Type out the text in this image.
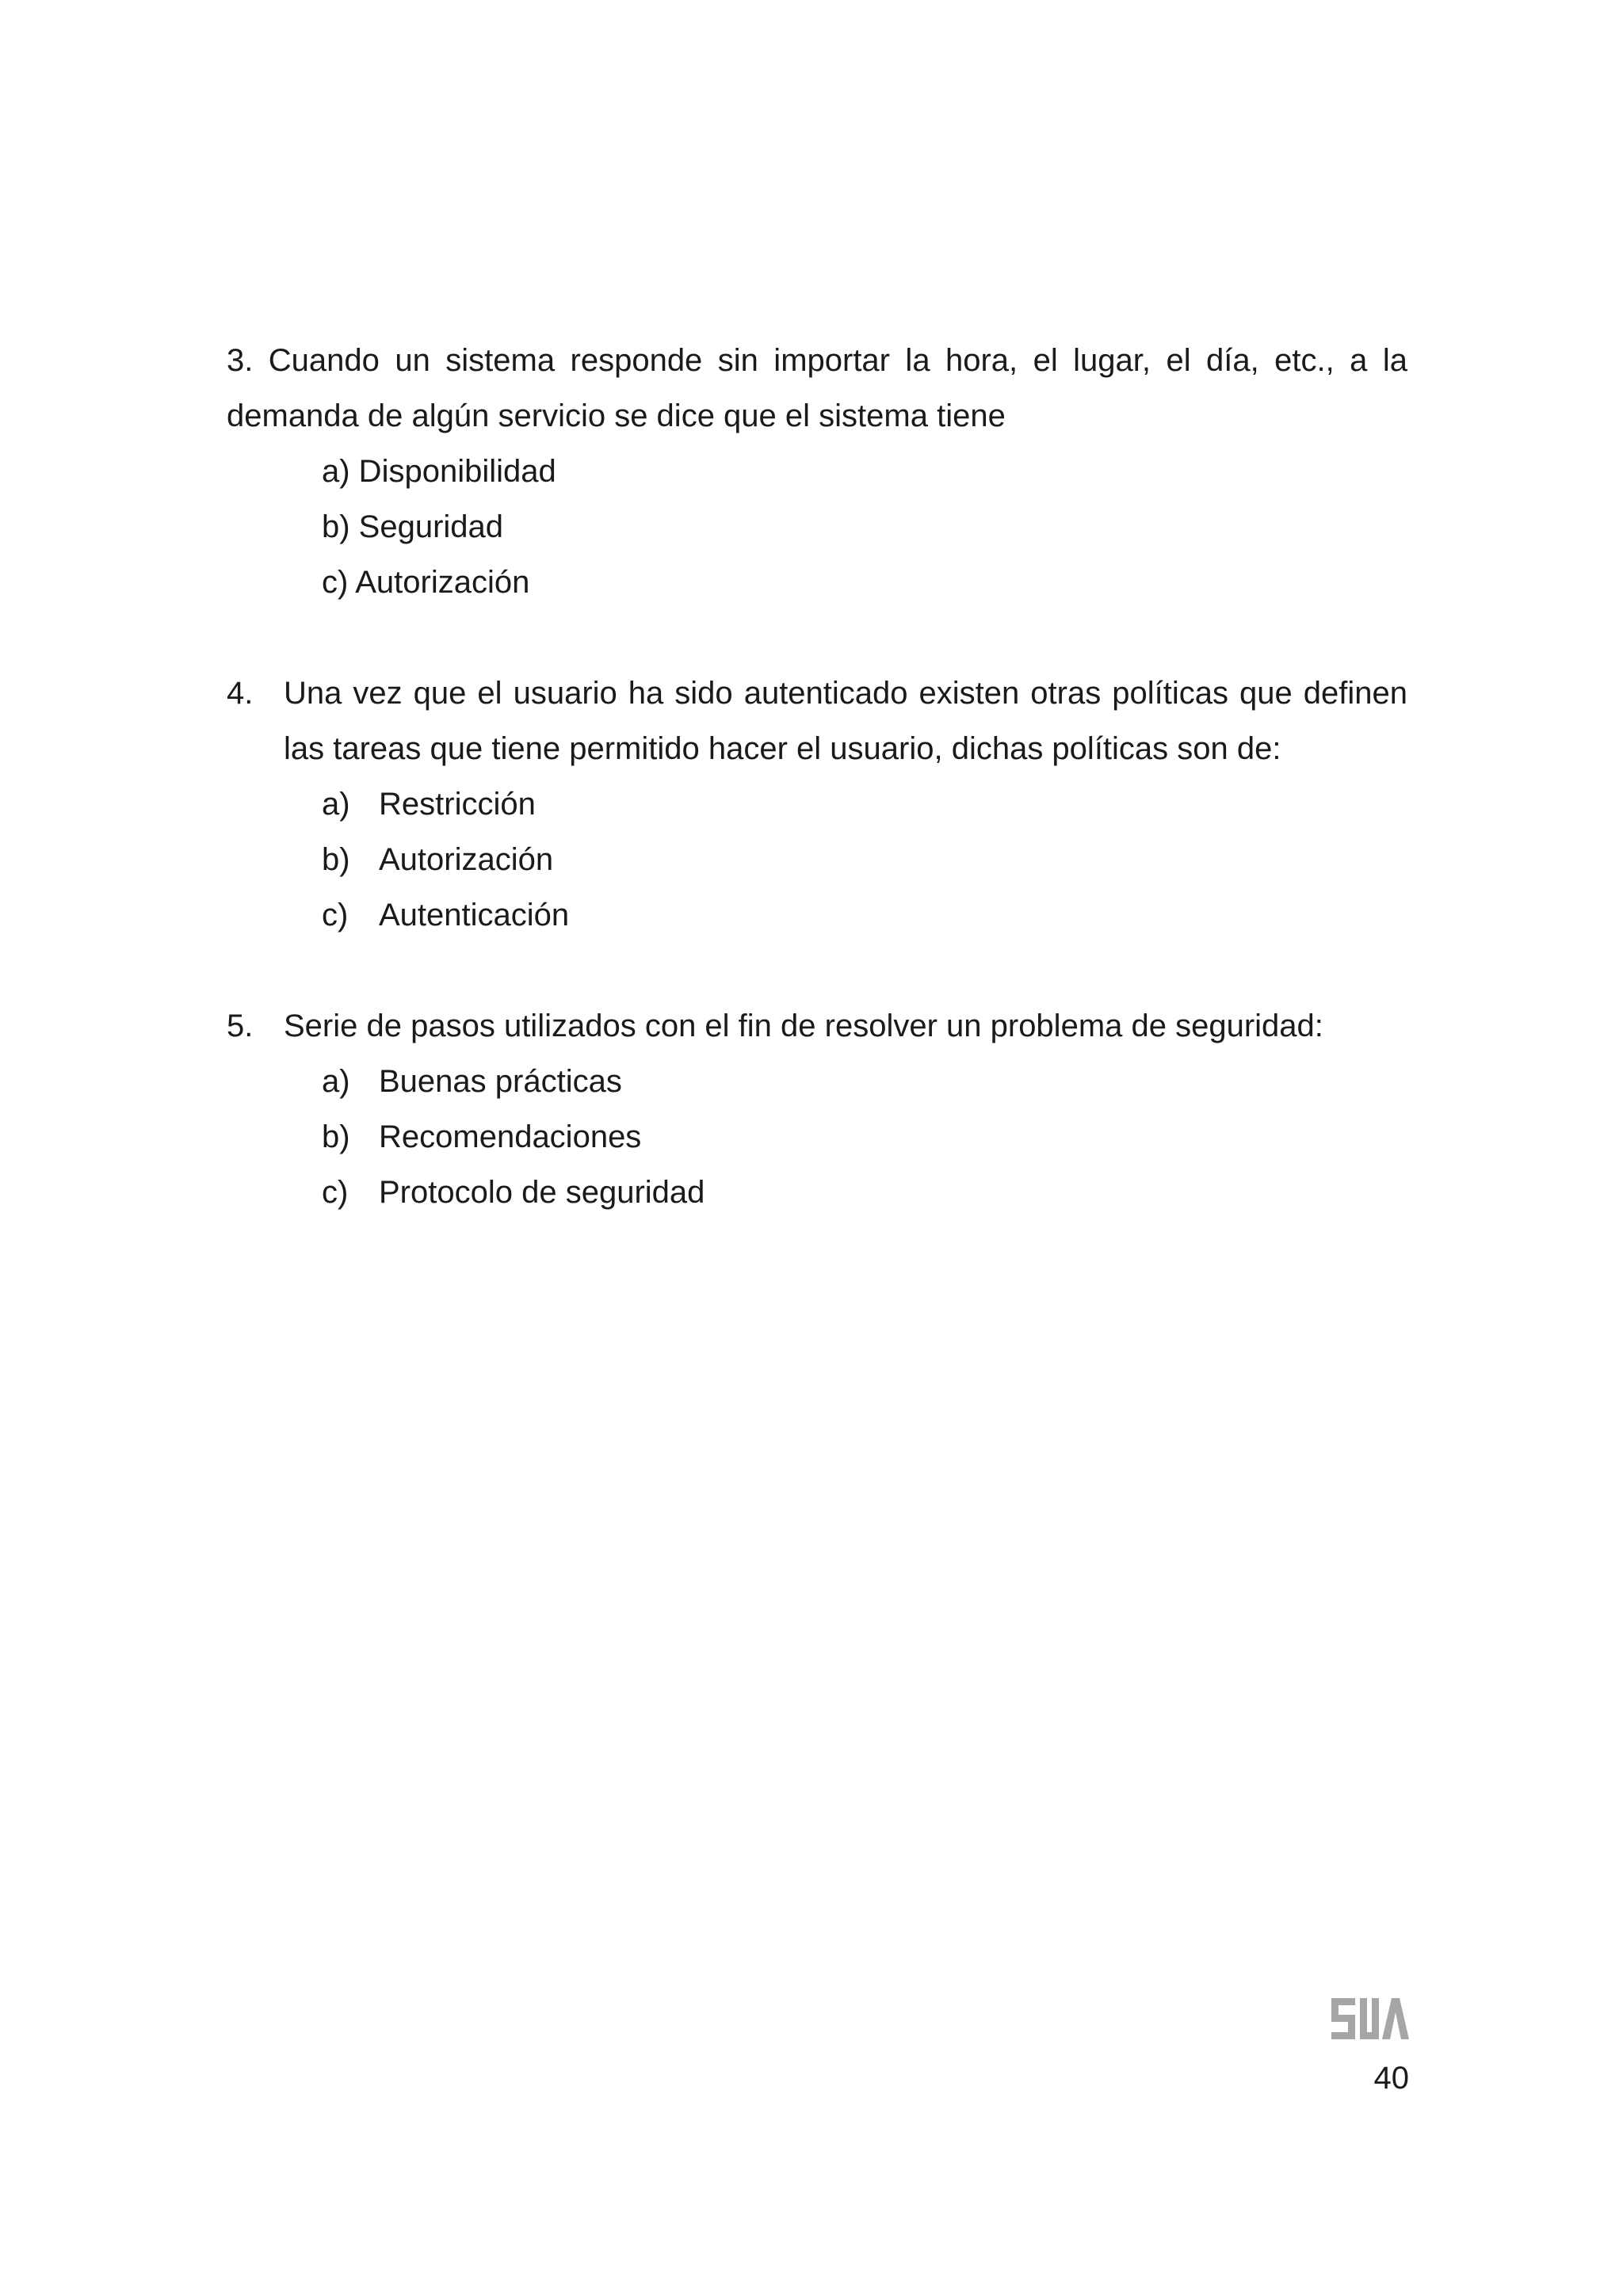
3. Cuando un sistema responde sin importar la hora, el lugar, el día, etc., a la demanda de algún servicio se dice que el sistema tiene

a) Disponibilidad
b) Seguridad
c) Autorización
4. Una vez que el usuario ha sido autenticado existen otras políticas que definen las tareas que tiene permitido hacer el usuario, dichas políticas son de:
a) Restricción
b) Autorización
c) Autenticación
5. Serie de pasos utilizados con el fin de resolver un problema de seguridad:
a) Buenas prácticas
b) Recomendaciones
c) Protocolo de seguridad
40
